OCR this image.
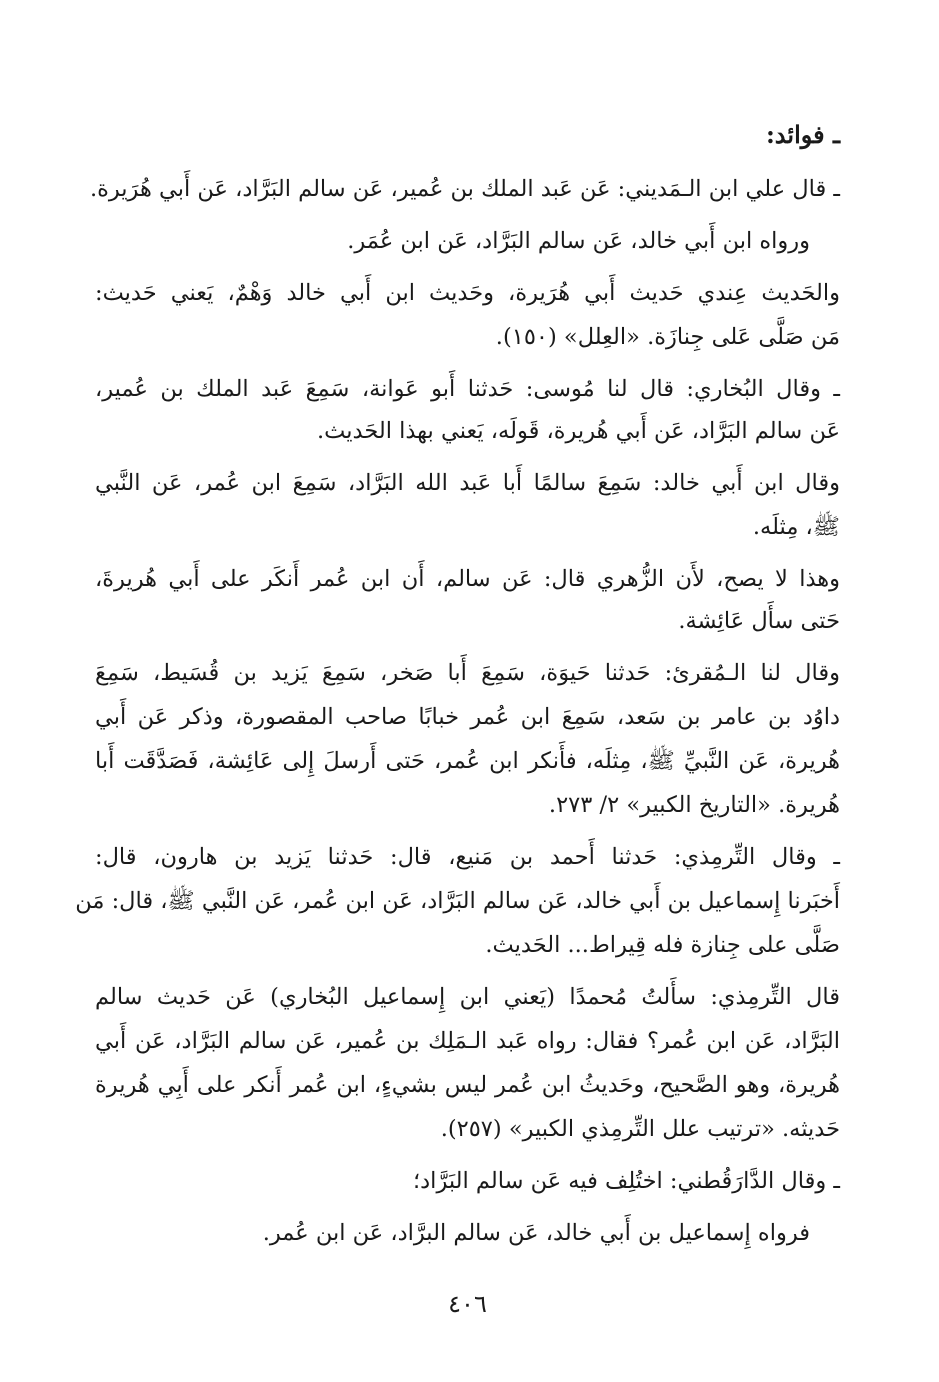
ـ فوائد:
ـ قال علي ابن الـمَديني: عَن عَبد الملك بن عُمير، عَن سالم البَرَّاد، عَن أَبي هُرَيرة.
ورواه ابن أَبي خالد، عَن سالم البَرَّاد، عَن ابن عُمَر.
والحَديث عِندي حَديث أَبي هُرَيرة، وحَديث ابن أَبي خالد وَهْمٌ، يَعني حَديث:
مَن صَلَّى عَلى جِنازَة. «العِلل» (١٥٠).
ـ وقال البُخاري: قال لنا مُوسى: حَدثنا أَبو عَوانة، سَمِعَ عَبد الملك بن عُمير،
عَن سالم البَرَّاد، عَن أَبي هُريرة، قَولَه، يَعني بهذا الحَديث.
وقال ابن أَبي خالد: سَمِعَ سالمًا أَبا عَبد الله البَرَّاد، سَمِعَ ابن عُمر، عَن النَّبي
ﷺ، مِثلَه.
وهذا لا يصح، لأَن الزُّهري قال: عَن سالم، أَن ابن عُمر أَنكَر على أَبي هُريرةَ،
حَتى سأَل عَائِشة.
وقال لنا الـمُقرئ: حَدثنا حَيوَة، سَمِعَ أَبا صَخر، سَمِعَ يَزيد بن قُسَيط، سَمِعَ
داوُد بن عامر بن سَعد، سَمِعَ ابن عُمر خبابًا صاحب المقصورة، وذكر عَن أَبي
هُريرة، عَن النَّبيِّ ﷺ، مِثلَه، فأَنكر ابن عُمر، حَتى أَرسلَ إِلى عَائِشة، فَصَدَّقَت أَبا
هُريرة. «التاريخ الكبير» ٢/ ٢٧٣.
ـ وقال التِّرمِذي: حَدثنا أَحمد بن مَنيع، قال: حَدثنا يَزيد بن هارون، قال:
أَخبَرنا إِسماعيل بن أَبي خالد، عَن سالم البَرَّاد، عَن ابن عُمر، عَن النَّبي ﷺ، قال: مَن
صَلَّى على جِنازة فله قِيراط... الحَديث.
قال التِّرمِذي: سأَلتُ مُحمدًا (يَعني ابن إِسماعيل البُخاري) عَن حَديث سالم
البَرَّاد، عَن ابن عُمر؟ فقال: رواه عَبد الـمَلِك بن عُمير، عَن سالم البَرَّاد، عَن أَبي
هُريرة، وهو الصَّحيح، وحَديثُ ابن عُمر ليس بشيءٍ، ابن عُمر أَنكر على أَبِي هُريرة
حَديثه. «ترتيب علل التِّرمِذي الكبير» (٢٥٧).
ـ وقال الدَّارَقُطني: اختُلِف فيه عَن سالم البَرَّاد؛
فرواه إِسماعيل بن أَبي خالد، عَن سالم البرَّاد، عَن ابن عُمر.
٤٠٦
